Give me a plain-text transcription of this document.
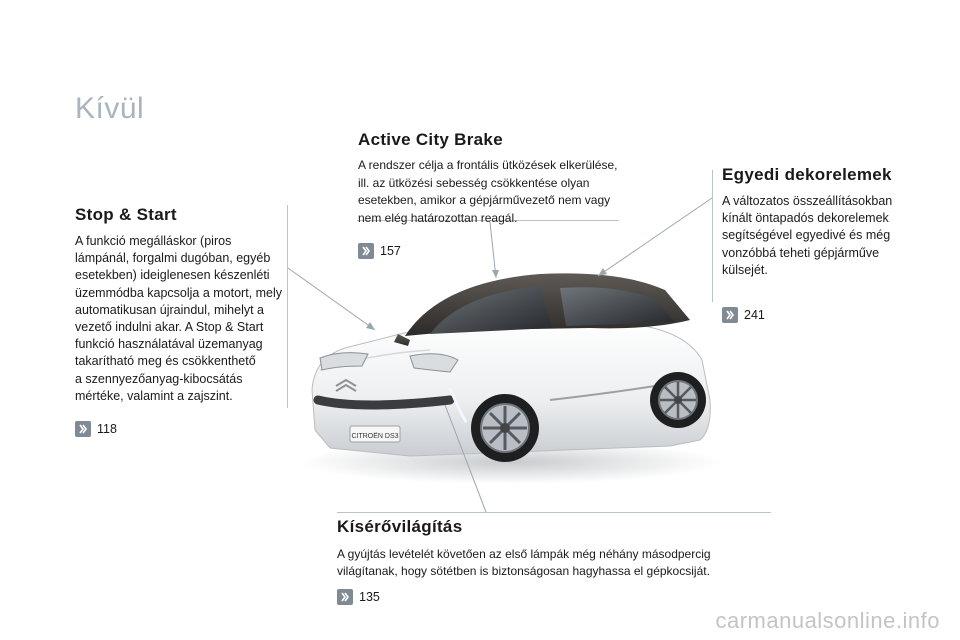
Kívül
Stop & Start
A funkció megálláskor (piros
lámpánál, forgalmi dugóban, egyéb
esetekben) ideiglenesen készenléti
üzemmódba kapcsolja a motort, mely
automatikusan újraindul, mihelyt a
vezető indulni akar. A Stop & Start
funkció használatával üzemanyag
takarítható meg és csökkenthető
a szennyezőanyag-kibocsátás
mértéke, valamint a zajszint.
118
Active City Brake
A rendszer célja a frontális ütközések elkerülése,
ill. az ütközési sebesség csökkentése olyan
esetekben, amikor a gépjárművezető nem vagy
nem elég határozottan reagál.
157
Egyedi dekorelemek
A változatos összeállításokban
kínált öntapadós dekorelemek
segítségével egyedivé és még
vonzóbbá teheti gépjárműve
külsejét.
241
Kísérővilágítás
A gyújtás levételét követően az első lámpák még néhány másodpercig
világítanak, hogy sötétben is biztonságosan hagyhassa el gépkocsiját.
135
CITROËN DS3
carmanualsonline.info
